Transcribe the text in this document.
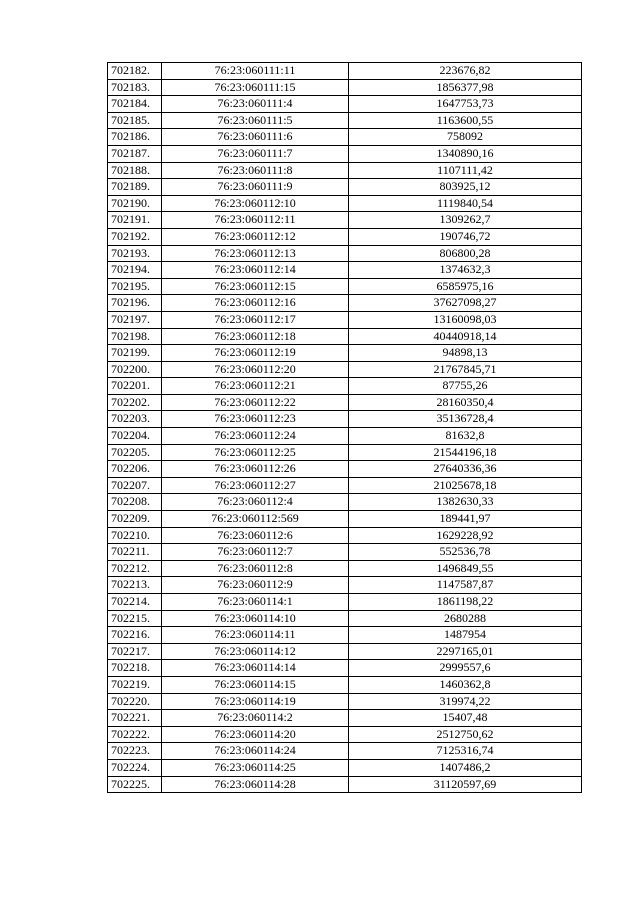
702182.	76:23:060111:11	223676,82
702183.	76:23:060111:15	1856377,98
702184.	76:23:060111:4	1647753,73
702185.	76:23:060111:5	1163600,55
702186.	76:23:060111:6	758092
702187.	76:23:060111:7	1340890,16
702188.	76:23:060111:8	1107111,42
702189.	76:23:060111:9	803925,12
702190.	76:23:060112:10	1119840,54
702191.	76:23:060112:11	1309262,7
702192.	76:23:060112:12	190746,72
702193.	76:23:060112:13	806800,28
702194.	76:23:060112:14	1374632,3
702195.	76:23:060112:15	6585975,16
702196.	76:23:060112:16	37627098,27
702197.	76:23:060112:17	13160098,03
702198.	76:23:060112:18	40440918,14
702199.	76:23:060112:19	94898,13
702200.	76:23:060112:20	21767845,71
702201.	76:23:060112:21	87755,26
702202.	76:23:060112:22	28160350,4
702203.	76:23:060112:23	35136728,4
702204.	76:23:060112:24	81632,8
702205.	76:23:060112:25	21544196,18
702206.	76:23:060112:26	27640336,36
702207.	76:23:060112:27	21025678,18
702208.	76:23:060112:4	1382630,33
702209.	76:23:060112:569	189441,97
702210.	76:23:060112:6	1629228,92
702211.	76:23:060112:7	552536,78
702212.	76:23:060112:8	1496849,55
702213.	76:23:060112:9	1147587,87
702214.	76:23:060114:1	1861198,22
702215.	76:23:060114:10	2680288
702216.	76:23:060114:11	1487954
702217.	76:23:060114:12	2297165,01
702218.	76:23:060114:14	2999557,6
702219.	76:23:060114:15	1460362,8
702220.	76:23:060114:19	319974,22
702221.	76:23:060114:2	15407,48
702222.	76:23:060114:20	2512750,62
702223.	76:23:060114:24	7125316,74
702224.	76:23:060114:25	1407486,2
702225.	76:23:060114:28	31120597,69
